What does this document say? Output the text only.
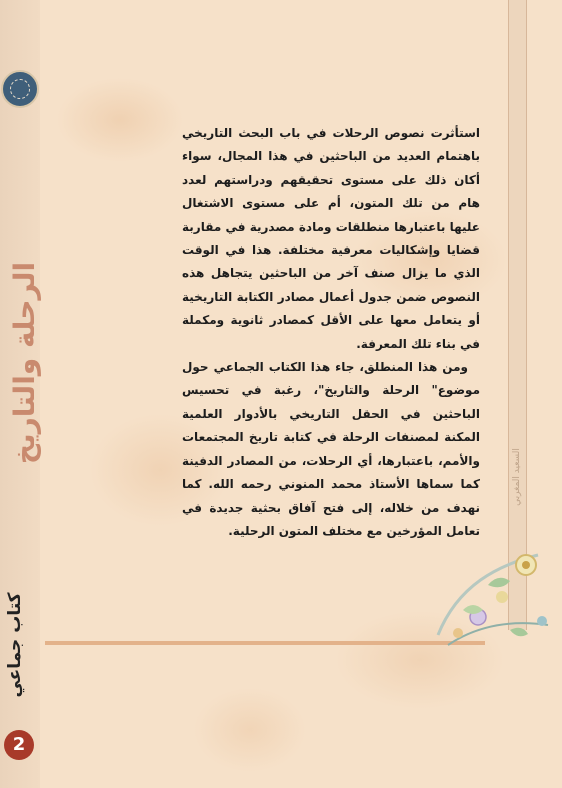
الرحلة والتاريخ
كتاب جماعي
2
السعيد المغربي

استأثرت نصوص الرحلات في باب البحث التاريخي باهتمام العديد من الباحثين في هذا المجال، سواء أكان ذلك على مستوى تحقيقهم ودراستهم لعدد هام من تلك المتون، أم على مستوى الاشتغال عليها باعتبارها منطلقات ومادة مصدرية في مقاربة قضايا وإشكاليات معرفية مختلفة. هذا في الوقت الذي ما يزال صنف آخر من الباحثين يتجاهل هذه النصوص ضمن جدول أعمال مصادر الكتابة التاريخية أو يتعامل معها على الأقل كمصادر ثانوية ومكملة في بناء تلك المعرفة.

ومن هذا المنطلق، جاء هذا الكتاب الجماعي حول موضوع" الرحلة والتاريخ"، رغبة في تحسيس الباحثين في الحقل التاريخي بالأدوار العلمية المكنة لمصنفات الرحلة في كتابة تاريخ المجتمعات والأمم، باعتبارها، أي الرحلات، من المصادر الدفينة كما سماها الأستاذ محمد المنوني رحمه الله. كما نهدف من خلاله، إلى فتح آفاق بحثية جديدة في تعامل المؤرخين مع مختلف المتون الرحلية.
